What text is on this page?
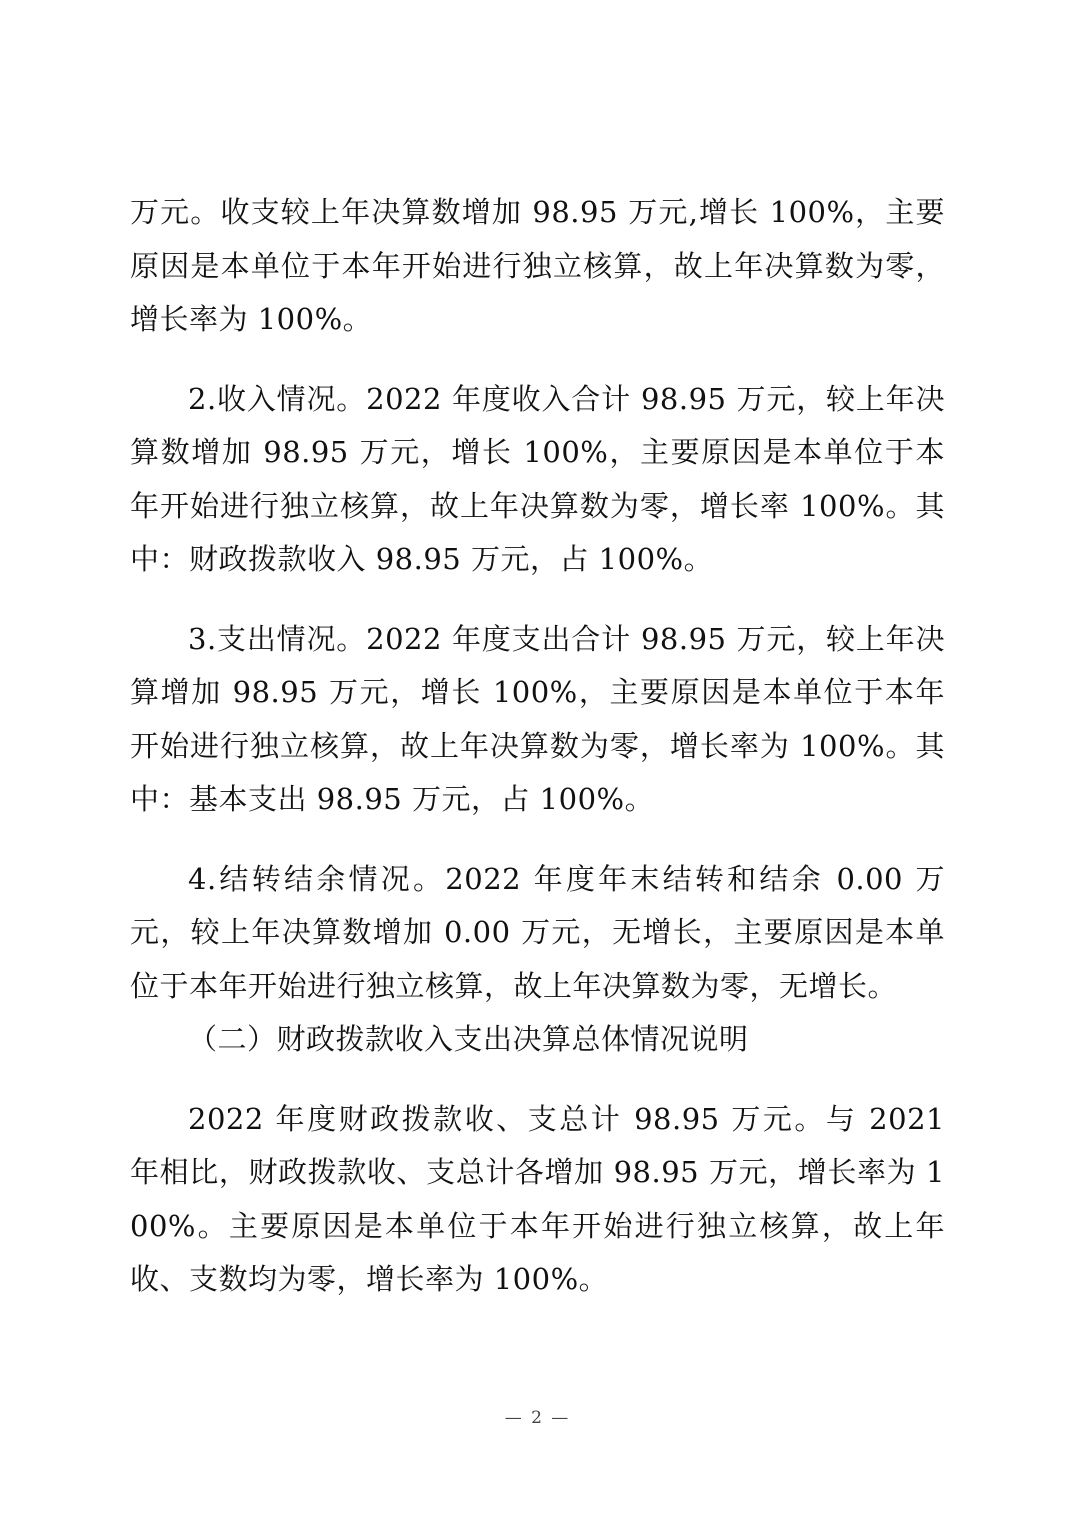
万元。收支较上年决算数增加 98.95 万元,增长 100%，主要原因是本单位于本年开始进行独立核算，故上年决算数为零，增长率为 100%。

2.收入情况。2022 年度收入合计 98.95 万元，较上年决算数增加 98.95 万元，增长 100%，主要原因是本单位于本年开始进行独立核算，故上年决算数为零，增长率 100%。其中：财政拨款收入 98.95 万元，占 100%。

3.支出情况。2022 年度支出合计 98.95 万元，较上年决算增加 98.95 万元，增长 100%，主要原因是本单位于本年开始进行独立核算，故上年决算数为零，增长率为 100%。其中：基本支出 98.95 万元，占 100%。

4.结转结余情况。2022 年度年末结转和结余 0.00 万元，较上年决算数增加 0.00 万元，无增长，主要原因是本单位于本年开始进行独立核算，故上年决算数为零，无增长。

（二）财政拨款收入支出决算总体情况说明

2022 年度财政拨款收、支总计 98.95 万元。与 2021 年相比，财政拨款收、支总计各增加 98.95 万元，增长率为 100%。主要原因是本单位于本年开始进行独立核算，故上年收、支数均为零，增长率为 100%。

— 2 —
